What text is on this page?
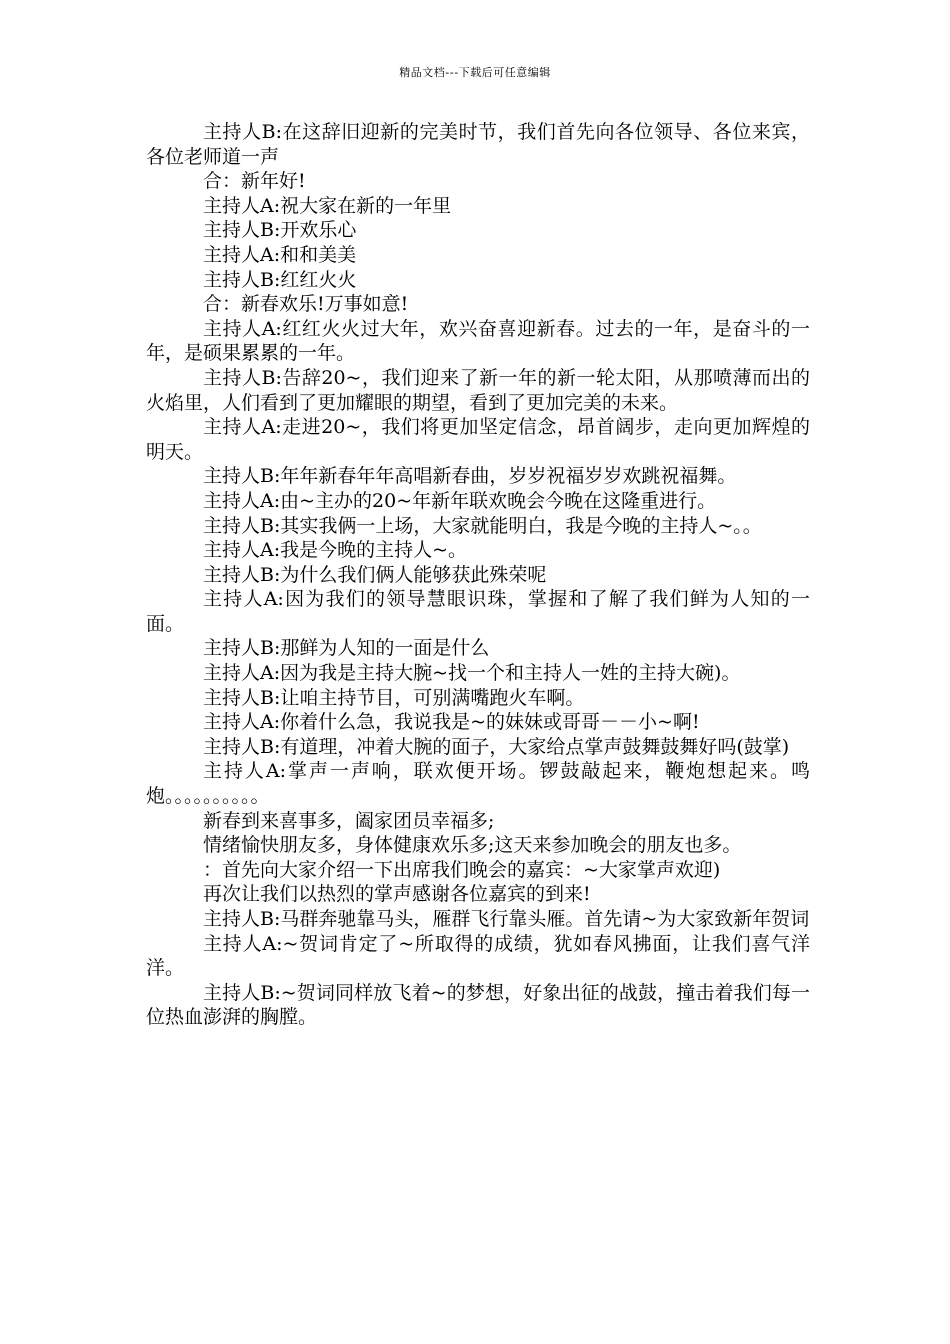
精品文档---下载后可任意编辑

主持人B:在这辞旧迎新的完美时节，我们首先向各位领导、各位来宾，各位老师道一声

合：新年好!

主持人A:祝大家在新的一年里

主持人B:开欢乐心

主持人A:和和美美

主持人B:红红火火

合：新春欢乐!万事如意!

主持人A:红红火火过大年，欢兴奋喜迎新春。过去的一年，是奋斗的一年，是硕果累累的一年。

主持人B:告辞20~，我们迎来了新一年的新一轮太阳，从那喷薄而出的火焰里，人们看到了更加耀眼的期望，看到了更加完美的未来。

主持人A:走进20~，我们将更加坚定信念，昂首阔步，走向更加辉煌的明天。

主持人B:年年新春年年高唱新春曲，岁岁祝福岁岁欢跳祝福舞。

主持人A:由~主办的20~年新年联欢晚会今晚在这隆重进行。

主持人B:其实我俩一上场，大家就能明白，我是今晚的主持人~。。

主持人A:我是今晚的主持人~。

主持人B:为什么我们俩人能够获此殊荣呢

主持人A:因为我们的领导慧眼识珠，掌握和了解了我们鲜为人知的一面。

主持人B:那鲜为人知的一面是什么

主持人A:因为我是主持大腕~找一个和主持人一姓的主持大碗)。

主持人B:让咱主持节目，可别满嘴跑火车啊。

主持人A:你着什么急，我说我是~的妹妹或哥哥－－小~啊!

主持人B:有道理，冲着大腕的面子，大家给点掌声鼓舞鼓舞好吗(鼓掌)

主持人A:掌声一声响，联欢便开场。锣鼓敲起来，鞭炮想起来。鸣炮。。。。。。。。。。

新春到来喜事多，阖家团员幸福多;

情绪愉快朋友多，身体健康欢乐多;这天来参加晚会的朋友也多。

：首先向大家介绍一下出席我们晚会的嘉宾：~大家掌声欢迎)

再次让我们以热烈的掌声感谢各位嘉宾的到来!

主持人B:马群奔驰靠马头，雁群飞行靠头雁。首先请~为大家致新年贺词

主持人A:~贺词肯定了~所取得的成绩，犹如春风拂面，让我们喜气洋洋。

主持人B:~贺词同样放飞着~的梦想，好象出征的战鼓，撞击着我们每一位热血澎湃的胸膛。
